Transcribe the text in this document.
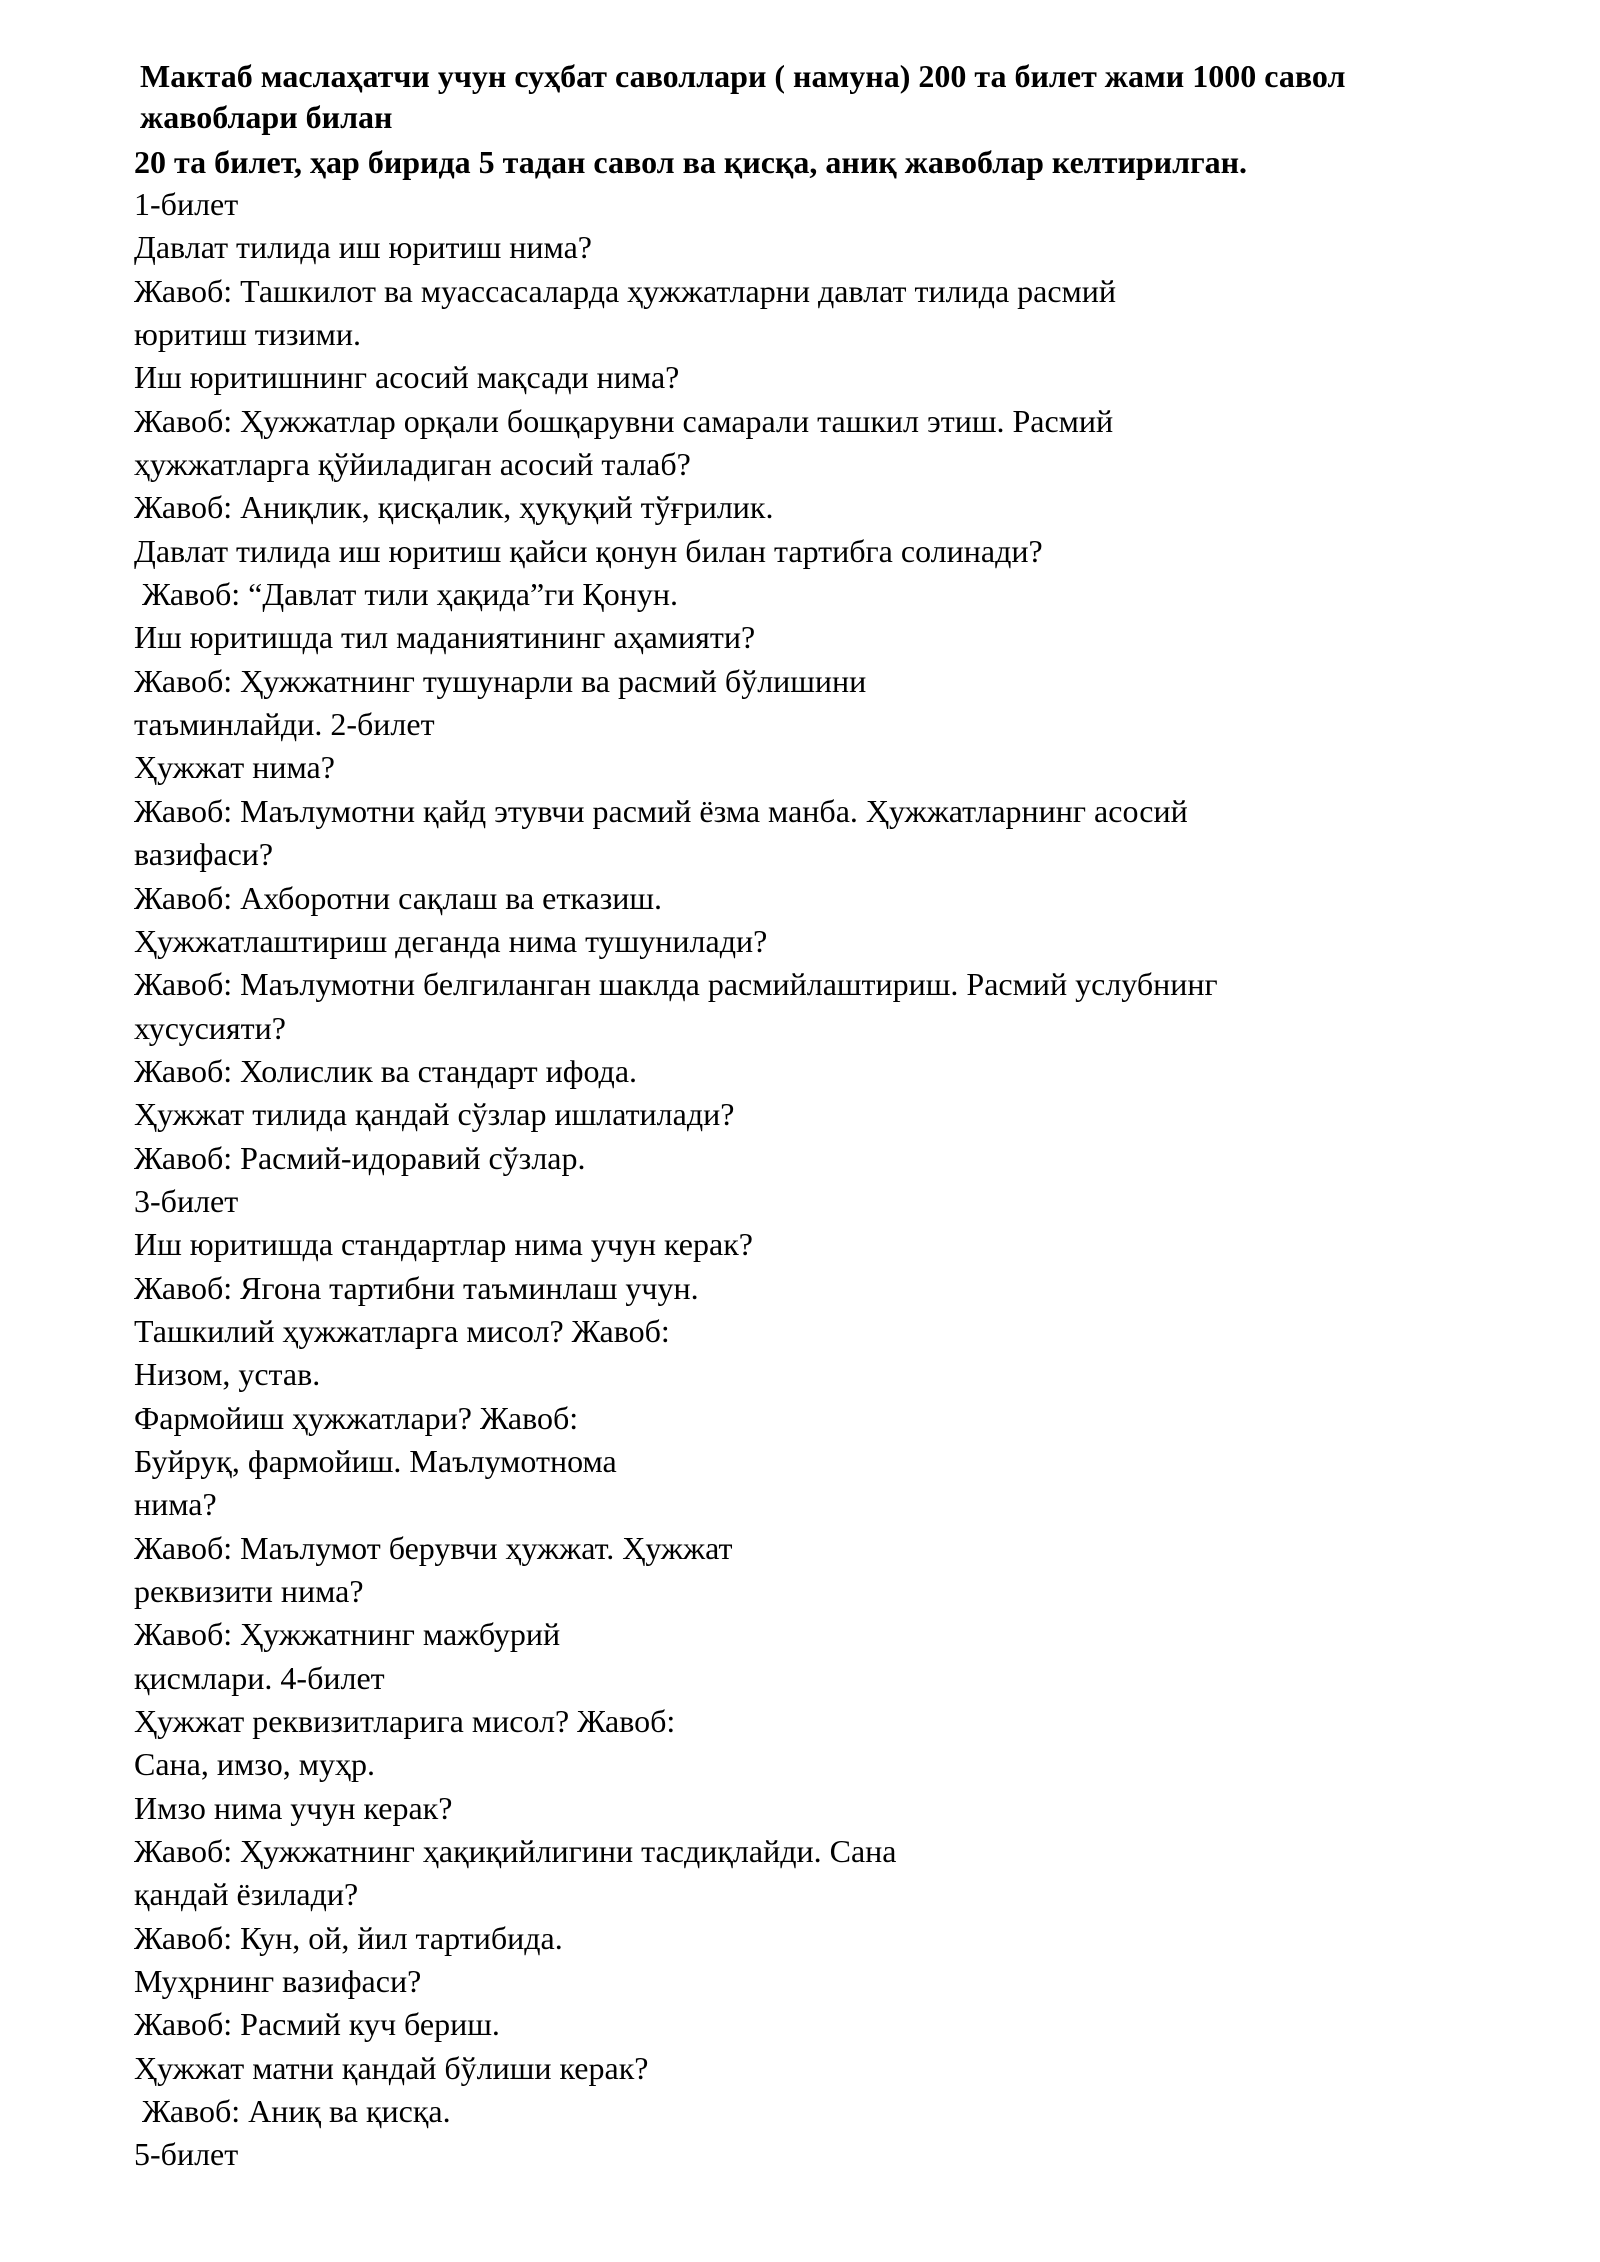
Мактаб маслаҳатчи учун суҳбат саволлари ( намуна) 200 та билет жами 1000 савол жавоблари билан
20 та билет, ҳар бирида 5 тадан савол ва қисқа, аниқ жавоблар келтирилган.
1-билет
Давлат тилида иш юритиш нима?
Жавоб: Ташкилот ва муассасаларда ҳужжатларни давлат тилида расмий
юритиш тизими.
Иш юритишнинг асосий мақсади нима?
Жавоб: Ҳужжатлар орқали бошқарувни самарали ташкил этиш. Расмий
ҳужжатларга қўйиладиган асосий талаб?
Жавоб: Аниқлик, қисқалик, ҳуқуқий тўғрилик.
Давлат тилида иш юритиш қайси қонун билан тартибга солинади?
Жавоб: “Давлат тили ҳақида”ги Қонун.
Иш юритишда тил маданиятининг аҳамияти?
Жавоб: Ҳужжатнинг тушунарли ва расмий бўлишини
таъминлайди. 2-билет
Ҳужжат нима?
Жавоб: Маълумотни қайд этувчи расмий ёзма манба. Ҳужжатларнинг асосий
вазифаси?
Жавоб: Ахборотни сақлаш ва етказиш.
Ҳужжатлаштириш деганда нима тушунилади?
Жавоб: Маълумотни белгиланган шаклда расмийлаштириш. Расмий услубнинг
хусусияти?
Жавоб: Холислик ва стандарт ифода.
Ҳужжат тилида қандай сўзлар ишлатилади?
Жавоб: Расмий-идоравий сўзлар.
3-билет
Иш юритишда стандартлар нима учун керак?
Жавоб: Ягона тартибни таъминлаш учун.
Ташкилий ҳужжатларга мисол? Жавоб:
Низом, устав.
Фармойиш ҳужжатлари? Жавоб:
Буйруқ, фармойиш. Маълумотнома
нима?
Жавоб: Маълумот берувчи ҳужжат. Ҳужжат
реквизити нима?
Жавоб: Ҳужжатнинг мажбурий
қисмлари. 4-билет
Ҳужжат реквизитларига мисол? Жавоб:
Сана, имзо, муҳр.
Имзо нима учун керак?
Жавоб: Ҳужжатнинг ҳақиқийлигини тасдиқлайди. Сана
қандай ёзилади?
Жавоб: Кун, ой, йил тартибида.
Муҳрнинг вазифаси?
Жавоб: Расмий куч бериш.
Ҳужжат матни қандай бўлиши керак?
Жавоб: Аниқ ва қисқа.
5-билет
